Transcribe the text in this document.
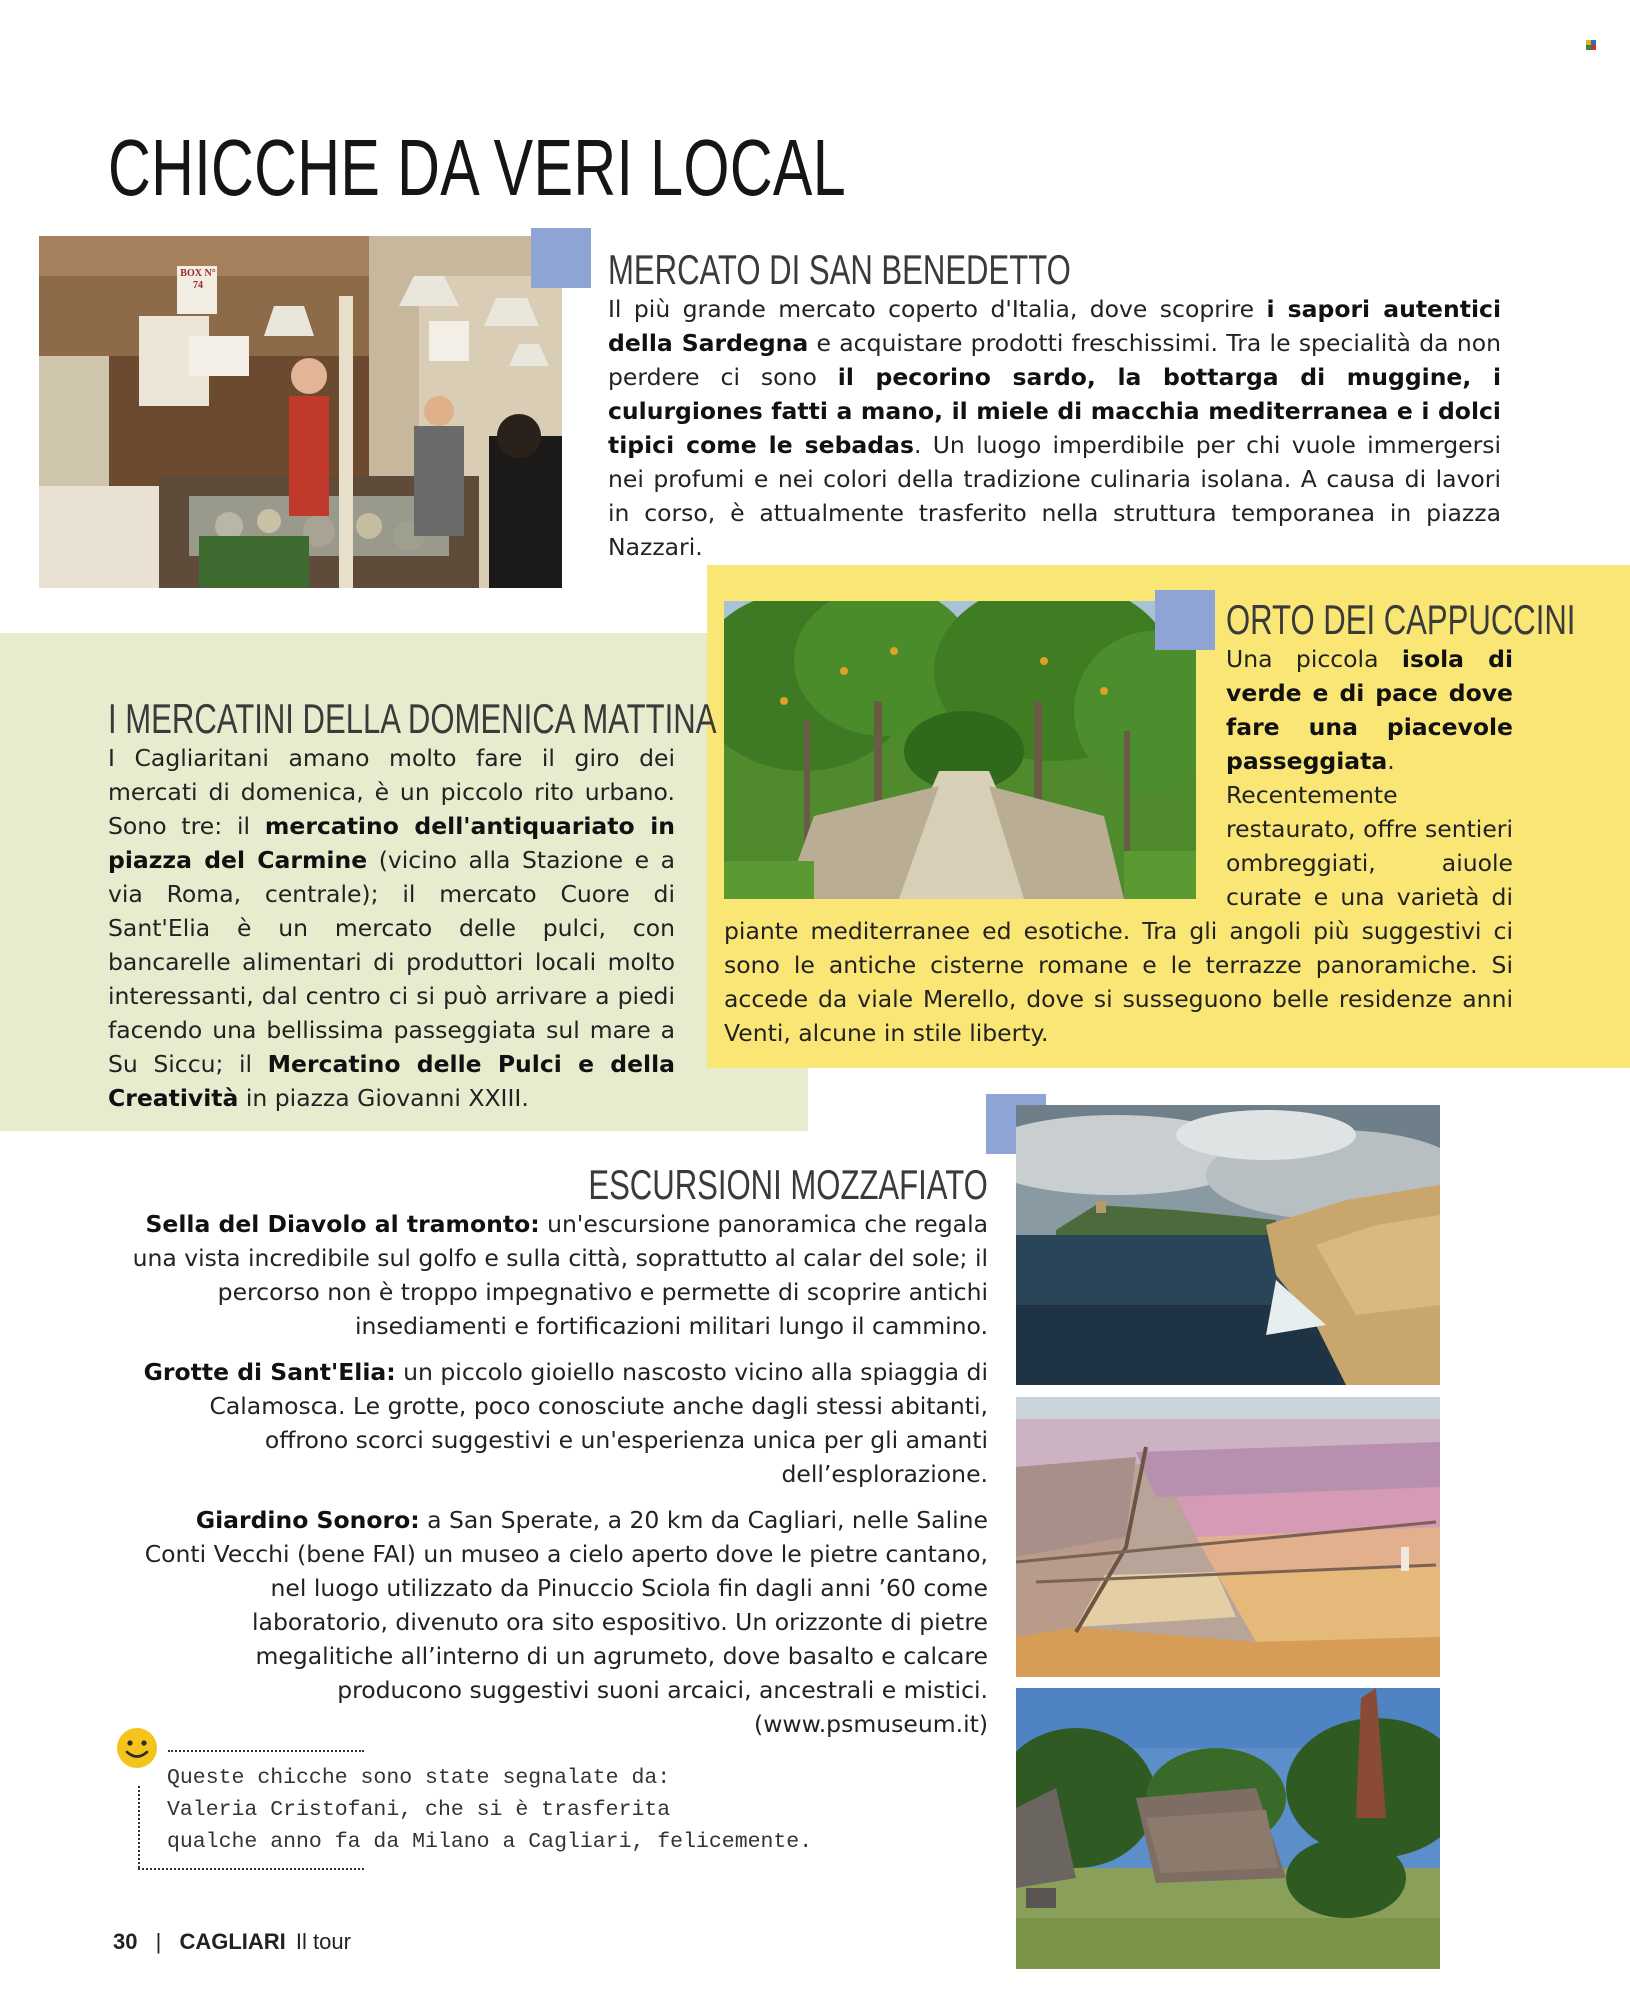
CHICCHE DA VERI LOCAL
BOX N° 74	MERCATO DI SAN BENEDETTO

Il più grande mercato coperto d'Italia, dove scoprire i sapori autentici della Sardegna e acquistare prodotti freschissimi. Tra le specialità da non perdere ci sono il pecorino sardo, la bottarga di muggine, i culurgiones fatti a mano, il miele di macchia mediterranea e i dolci tipici come le sebadas. Un luogo imperdibile per chi vuole immergersi nei profumi e nei colori della tradizione culinaria isolana. A causa di lavori in corso, è attualmente trasferito nella struttura temporanea in piazza Nazzari.

ORTO DEI CAPPUCCINI
Una piccola isola di verde e di pace dove fare una piacevole passeggiata. Recentemente restaurato, offre sentieri ombreggiati, aiuole curate e una varietà di piante mediterranee ed esotiche. Tra gli angoli più suggestivi ci sono le antiche cisterne romane e le terrazze panoramiche. Si accede da viale Merello, dove si susseguono belle residenze anni Venti, alcune in stile liberty.
I MERCATINI DELLA DOMENICA MATTINA

I Cagliaritani amano molto fare il giro dei mercati di domenica, è un piccolo rito urbano. Sono tre: il mercatino dell'antiquariato in piazza del Carmine (vicino alla Stazione e a via Roma, centrale); il mercato Cuore di Sant'Elia è un mercato delle pulci, con bancarelle alimentari di produttori locali molto interessanti, dal centro ci si può arrivare a piedi facendo una bellissima passeggiata sul mare a Su Siccu; il Mercatino delle Pulci e della Creatività in piazza Giovanni XXIII.

ESCURSIONI MOZZAFIATO

Sella del Diavolo al tramonto: un'escursione panoramica che regala una vista incredibile sul golfo e sulla città, soprattutto al calar del sole; il percorso non è troppo impegnativo e permette di scoprire antichi insediamenti e fortificazioni militari lungo il cammino.

Grotte di Sant'Elia: un piccolo gioiello nascosto vicino alla spiaggia di Calamosca. Le grotte, poco conosciute anche dagli stessi abitanti, offrono scorci suggestivi e un'esperienza unica per gli amanti dell’esplorazione.

Giardino Sonoro: a San Sperate, a 20 km da Cagliari, nelle Saline Conti Vecchi (bene FAI) un museo a cielo aperto dove le pietre cantano, nel luogo utilizzato da Pinuccio Sciola fin dagli anni ’60 come laboratorio, divenuto ora sito espositivo. Un orizzonte di pietre megalitiche all’interno di un agrumeto, dove basalto e calcare producono suggestivi suoni arcaici, ancestrali e mistici. (www.psmuseum.it)

Queste chicche sono state segnalate da:
Valeria Cristofani, che si è trasferita
qualche anno fa da Milano a Cagliari, felicemente.
30 | CAGLIARI Il tour
